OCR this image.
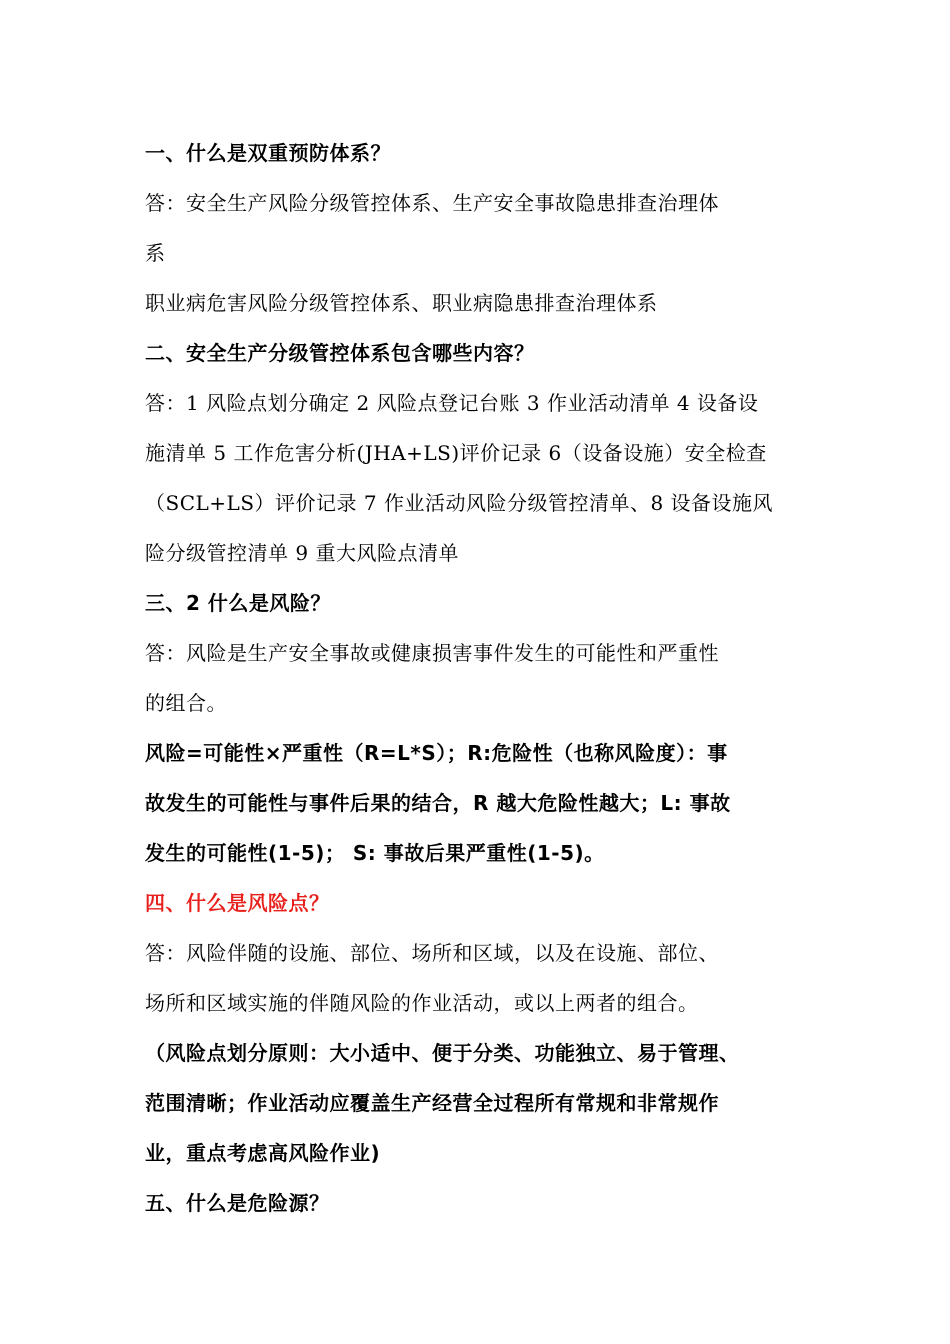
一、什么是双重预防体系？
答：安全生产风险分级管控体系、生产安全事故隐患排查治理体
系
职业病危害风险分级管控体系、职业病隐患排查治理体系
二、安全生产分级管控体系包含哪些内容？
答：1 风险点划分确定 2 风险点登记台账 3 作业活动清单 4 设备设
施清单 5 工作危害分析(JHA+LS)评价记录 6（设备设施）安全检查
（SCL+LS）评价记录 7 作业活动风险分级管控清单、8 设备设施风
险分级管控清单 9 重大风险点清单
三、2 什么是风险？
答：风险是生产安全事故或健康损害事件发生的可能性和严重性
的组合。
风险=可能性×严重性（R=L*S）；R:危险性（也称风险度）：事
故发生的可能性与事件后果的结合，R 越大危险性越大；L: 事故
发生的可能性(1-5)； S: 事故后果严重性(1-5)。
四、什么是风险点？
答：风险伴随的设施、部位、场所和区域，以及在设施、部位、
场所和区域实施的伴随风险的作业活动，或以上两者的组合。
（风险点划分原则：大小适中、便于分类、功能独立、易于管理、
范围清晰；作业活动应覆盖生产经营全过程所有常规和非常规作
业，重点考虑高风险作业)
五、什么是危险源？
